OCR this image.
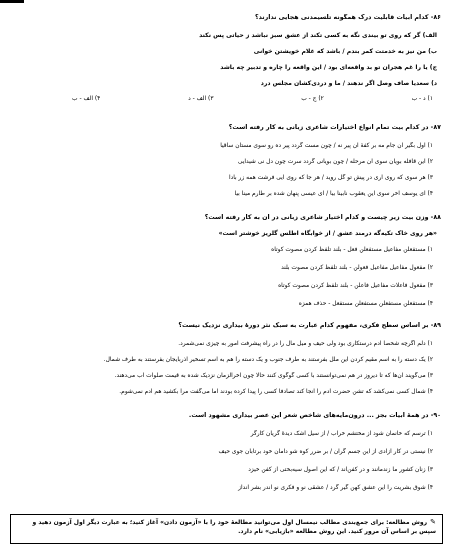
۸۶- کدام ابیات قابلیت درک همگونه تلسیمدنی هجایی ندارند؟
الف) گر که روی تو بیندی نگه به کسی تکند از عشق سبز نباشد ز حیاتی پس نکند
ب) من نیز به خدمتت کمر بندم / باشد که غلام خویشتن خوانی
ج) یا را غم هجران تو بد واقعه‌ای بود / این واقعه را چاره و تدبیر چه باشد
د) سعدیا صاف وصل اگر ندهند / ما و دردی‌کشان مجلس درد
۱) د - ب
۲) ج - ب
۳) الف - د
۴) الف - ب
۸۷- در کدام بیت تمام انواع اختیارات شاعری زبانی به کار رفته است؟
۱) اول بگیر آن جام مه بر کفهٔ آن پیر نه / چون مست گردد پیر ده رو سوی مستان ساقیا
۲) این قافله بویان سوی آن مرحله / چون بویانی گردد سرت چون دل نی شیدایی
۳) هر سوی که روی آری در پیش تو گل روید / هر جا که روی آیی فرشت همه زر بادا
۴) ای یوسف آخر سوی این یعقوب نابینا بیا / ای عیسی پنهان شده بر طارم مینا بیا
۸۸- وزن بیت زیر چیست و کدام اختیار شاعری زبانی در آن به کار رفته است؟
«هر روی خاک تکیه‌گه درمند عشق / از خوابگاه اطلس گلریز خوشتر است»
۱) مستفعلن مفاعیل مستفعلن فعل - بلند تلفظ کردن مصوت کوتاه
۲) مفعول مفاعیل مفاعیل فعولن - بلند تلفظ کردن مصوت بلند
۳) مفعول فاعلات مفاعیل فاعلن - بلند تلفظ کردن مصوت کوتاه
۴) مستفعلن مستفعلن مستفعلن مستفعل - حذف همزه
۸۹- بر اساس سطح فکری، مفهوم کدام عبارت به سبک نثر دورهٔ بیداری نزدیک نیست؟
۱) دلم اگرچه شخصاً آدم درستکاری بود ولی حیف و میل مال را در راه پیشرفت امور به چیزی نمی‌شمرد.
۲) یک دسته را به اسم مقیم کردن این ملل بفرستند به طرف جنوب و یک دسته را هم به اسم تسخیر آذربایجان بفرستند به طرف شمال.
۳) می‌گویند آن‌ها که تا دیروز در هم نمی‌توانستند با کسی گوگوی کنند حالا چون آخرالزمان نزدیک شده به قیمت صلوات آب می‌دهند.
۴) شمال کسی نمی‌کشد که تشن حضرت آدم را آنجا کند تصادفاً کسی را پیدا کرده بودند اما می‌گفت مرا بکشید هم آدم نمی‌شوم.
۹۰- در همهٔ ابیات بجز ... درون‌مایه‌های شاخص شعر این عصر بیداری مشهود است.
۱) ترسم که خانمان شود از مختشم خراب / از سیل اشک دیدهٔ گریان کارگر
۲) نیستی در کار آزادی از این جسم گران / بر ضرر کوه شو دامان خود برتابان جوی حیف
۳) زنان کشور ما زندمانند و در کفن‌اند / که این اصول سیه‌بختی از کفن خیزد
۴) شوق بشریت را این عشق کهن گیر گرد / عشقی نو و فکری نو اندر بشر انداز
✎روش مطالعه: برای جمع‌بندی مطالب نیمسال اول می‌توانید مطالعهٔ خود را با «آزمون دادن» آغاز کنید؛ به عبارت دیگر اول آزمون دهید و سپس بر اساس آن مرور کنید. این روش مطالعه «بازیابی» نام دارد.
